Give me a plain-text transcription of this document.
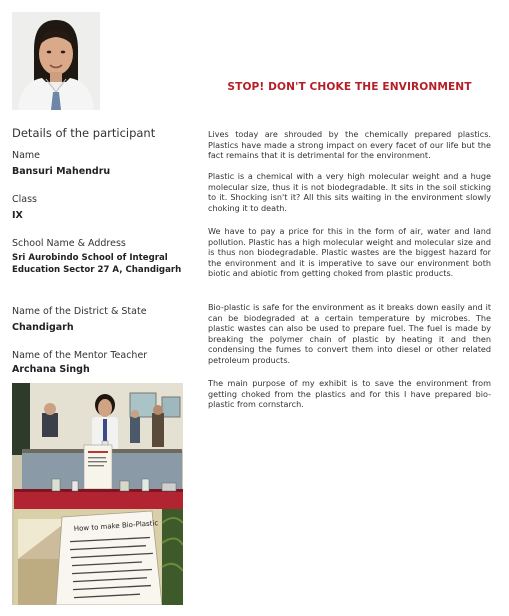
Details of the participant
Name
Bansuri Mahendru
Class
IX
School Name & Address
Sri Aurobindo School of Integral
Education Sector 27 A, Chandigarh
Name of the District & State
Chandigarh
Name of the Mentor Teacher
Archana Singh
How to make Bio-Plastic
STOP! DON'T CHOKE THE ENVIRONMENT

Lives today are shrouded by the chemically prepared plastics. Plastics have made a strong impact on every facet of our life but the fact remains that it is detrimental for the environment.

Plastic is a chemical with a very high molecular weight and a huge molecular size, thus it is not biodegradable. It sits in the soil sticking to it. Shocking isn't it? All this sits waiting in the environment slowly choking it to death.

We have to pay a price for this in the form of air, water and land pollution. Plastic has a high molecular weight and molecular size and is thus non biodegradable. Plastic wastes are the biggest hazard for the environment and it is imperative to save our environment both biotic and abiotic from getting choked from plastic products.

Bio-plastic is safe for the environment as it breaks down easily and it can be biodegraded at a certain temperature by microbes. The plastic wastes can also be used to prepare fuel. The fuel is made by breaking the polymer chain of plastic by heating it and then condensing the fumes to convert them into diesel or other related petroleum products.

The main purpose of my exhibit is to save the environment from getting choked from the plastics and for this I have prepared bio-plastic from cornstarch.
